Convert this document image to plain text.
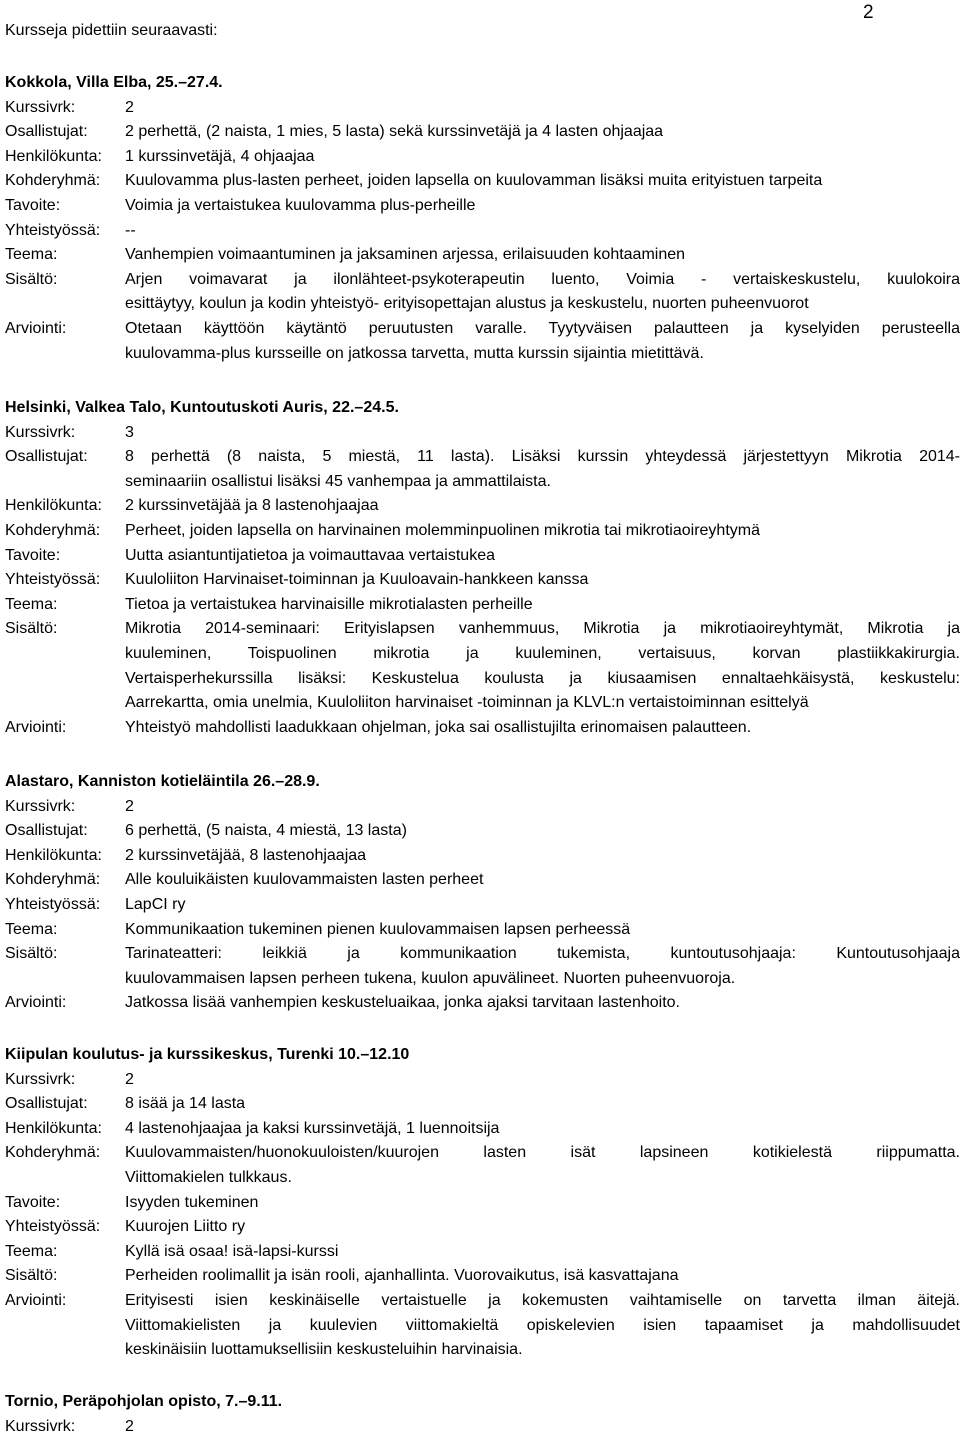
Kursseja pidettiin seuraavasti:
2
Kokkola, Villa Elba, 25.–27.4.
Kurssivrk:	2
Osallistujat:	2 perhettä, (2 naista, 1 mies, 5 lasta) sekä kurssinvetäjä ja 4 lasten ohjaajaa
Henkilökunta:	1 kurssinvetäjä, 4 ohjaajaa
Kohderyhmä:	Kuulovamma plus-lasten perheet, joiden lapsella on kuulovamman lisäksi muita erityistuen tarpeita
Tavoite:	Voimia ja vertaistukea kuulovamma plus-perheille
Yhteistyössä:	--
Teema:	Vanhempien voimaantuminen ja jaksaminen arjessa, erilaisuuden kohtaaminen
Sisältö:	Arjen voimavarat ja ilonlähteet-psykoterapeutin luento, Voimia - vertaiskeskustelu, kuulokoira
esittäytyy, koulun ja kodin yhteistyö- erityisopettajan alustus ja keskustelu, nuorten puheenvuorot
Arviointi:	Otetaan käyttöön käytäntö peruutusten varalle. Tyytyväisen palautteen ja kyselyiden perusteella
kuulovamma-plus kursseille on jatkossa tarvetta, mutta kurssin sijaintia mietittävä.
Helsinki, Valkea Talo, Kuntoutuskoti Auris, 22.–24.5.
Kurssivrk:	3
Osallistujat:	8 perhettä (8 naista, 5 miestä, 11 lasta). Lisäksi kurssin yhteydessä järjestettyyn Mikrotia 2014-
seminaariin osallistui lisäksi 45 vanhempaa ja ammattilaista.
Henkilökunta:	2 kurssinvetäjää ja 8 lastenohjaajaa
Kohderyhmä:	Perheet, joiden lapsella on harvinainen molemminpuolinen mikrotia tai mikrotiaoireyhtymä
Tavoite:	Uutta asiantuntijatietoa ja voimauttavaa vertaistukea
Yhteistyössä:	Kuuloliiton Harvinaiset-toiminnan ja Kuuloavain-hankkeen kanssa
Teema:	Tietoa ja vertaistukea harvinaisille mikrotialasten perheille
Sisältö:	Mikrotia 2014-seminaari: Erityislapsen vanhemmuus, Mikrotia ja mikrotiaoireyhtymät, Mikrotia ja
kuuleminen, Toispuolinen mikrotia ja kuuleminen, vertaisuus, korvan plastiikkakirurgia.
Vertaisperhekurssilla lisäksi: Keskustelua koulusta ja kiusaamisen ennaltaehkäisystä, keskustelu:
Aarrekartta, omia unelmia, Kuuloliiton harvinaiset -toiminnan ja KLVL:n vertaistoiminnan esittelyä
Arviointi:	Yhteistyö mahdollisti laadukkaan ohjelman, joka sai osallistujilta erinomaisen palautteen.
Alastaro, Kanniston kotieläintila 26.–28.9.
Kurssivrk:	2
Osallistujat:	6 perhettä, (5 naista, 4 miestä, 13 lasta)
Henkilökunta:	2 kurssinvetäjää, 8 lastenohjaajaa
Kohderyhmä:	Alle kouluikäisten kuulovammaisten lasten perheet
Yhteistyössä:	LapCI ry
Teema:	Kommunikaation tukeminen pienen kuulovammaisen lapsen perheessä
Sisältö:	Tarinateatteri: leikkiä ja kommunikaation tukemista, kuntoutusohjaaja: Kuntoutusohjaaja
kuulovammaisen lapsen perheen tukena, kuulon apuvälineet. Nuorten puheenvuoroja.
Arviointi:	Jatkossa lisää vanhempien keskusteluaikaa, jonka ajaksi tarvitaan lastenhoito.
Kiipulan koulutus- ja kurssikeskus, Turenki 10.–12.10
Kurssivrk:	2
Osallistujat:	8 isää ja 14 lasta
Henkilökunta:	4 lastenohjaajaa ja kaksi kurssinvetäjä, 1 luennoitsija
Kohderyhmä:	Kuulovammaisten/huonokuuloisten/kuurojen lasten isät lapsineen kotikielestä riippumatta.
Viittomakielen tulkkaus.
Tavoite:	Isyyden tukeminen
Yhteistyössä:	Kuurojen Liitto ry
Teema:	Kyllä isä osaa! isä-lapsi-kurssi
Sisältö:	Perheiden roolimallit ja isän rooli, ajanhallinta. Vuorovaikutus, isä kasvattajana
Arviointi:	Erityisesti isien keskinäiselle vertaistuelle ja kokemusten vaihtamiselle on tarvetta ilman äitejä.
Viittomakielisten ja kuulevien viittomakieltä opiskelevien isien tapaamiset ja mahdollisuudet
keskinäisiin luottamuksellisiin keskusteluihin harvinaisia.
Tornio, Peräpohjolan opisto, 7.–9.11.
Kurssivrk:	2
